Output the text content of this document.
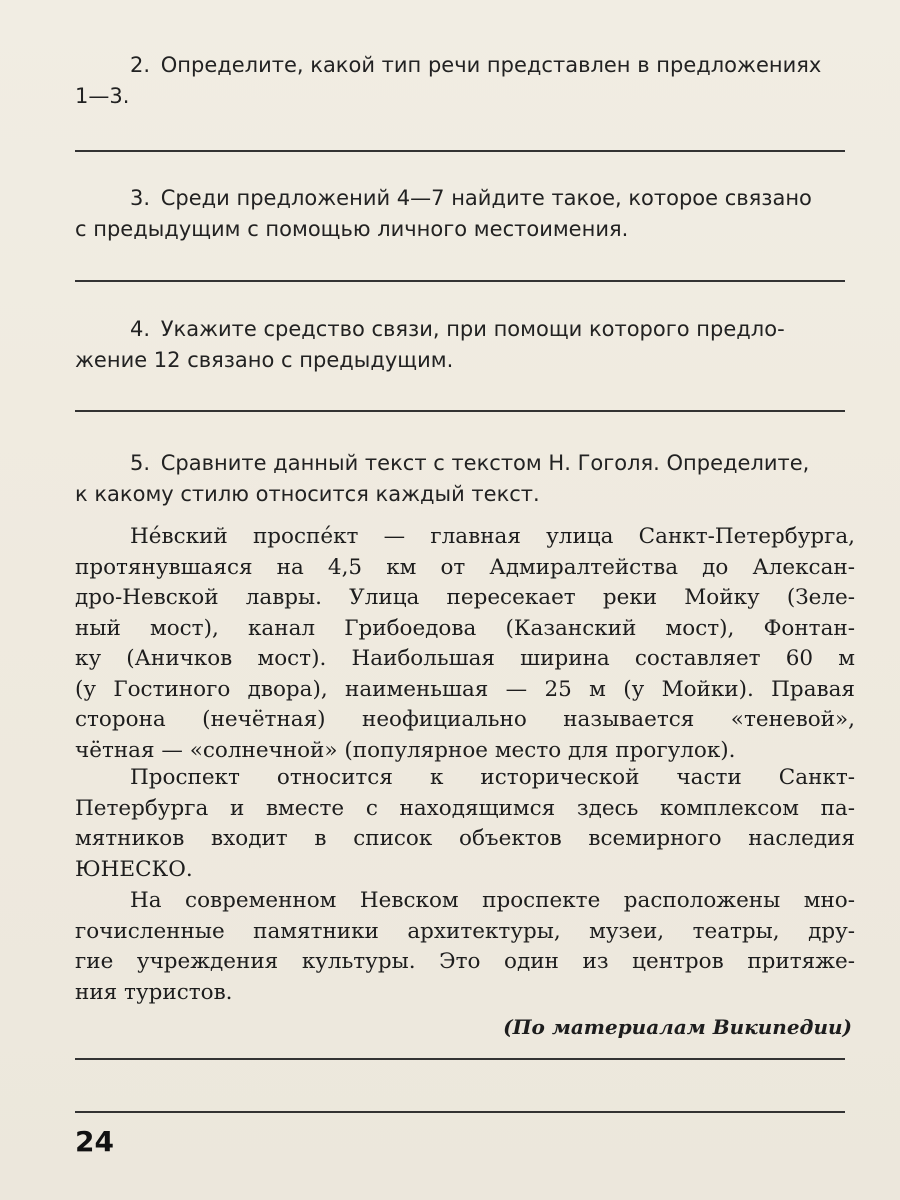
2. Определите, какой тип речи представлен в предложениях
1—3.
3. Среди предложений 4—7 найдите такое, которое связано
с предыдущим с помощью личного местоимения.
4. Укажите средство связи, при помощи которого предло-
жение 12 связано с предыдущим.
5. Сравните данный текст с текстом Н. Гоголя. Определите,
к какому стилю относится каждый текст.
Не́вский проспе́кт — главная улица Санкт-Петербурга,
протянувшаяся на 4,5 км от Адмиралтейства до Алексан-
дро-Невской лавры. Улица пересекает реки Мойку (Зеле-
ный мост), канал Грибоедова (Казанский мост), Фонтан-
ку (Аничков мост). Наибольшая ширина составляет 60 м
(у Гостиного двора), наименьшая — 25 м (у Мойки). Правая
сторона (нечётная) неофициально называется «теневой»,
чётная — «солнечной» (популярное место для прогулок).
Проспект относится к исторической части Санкт-
Петербурга и вместе с находящимся здесь комплексом па-
мятников входит в список объектов всемирного наследия
ЮНЕСКО.
На современном Невском проспекте расположены мно-
гочисленные памятники архитектуры, музеи, театры, дру-
гие учреждения культуры. Это один из центров притяже-
ния туристов.
(По материалам Википедии)
24
